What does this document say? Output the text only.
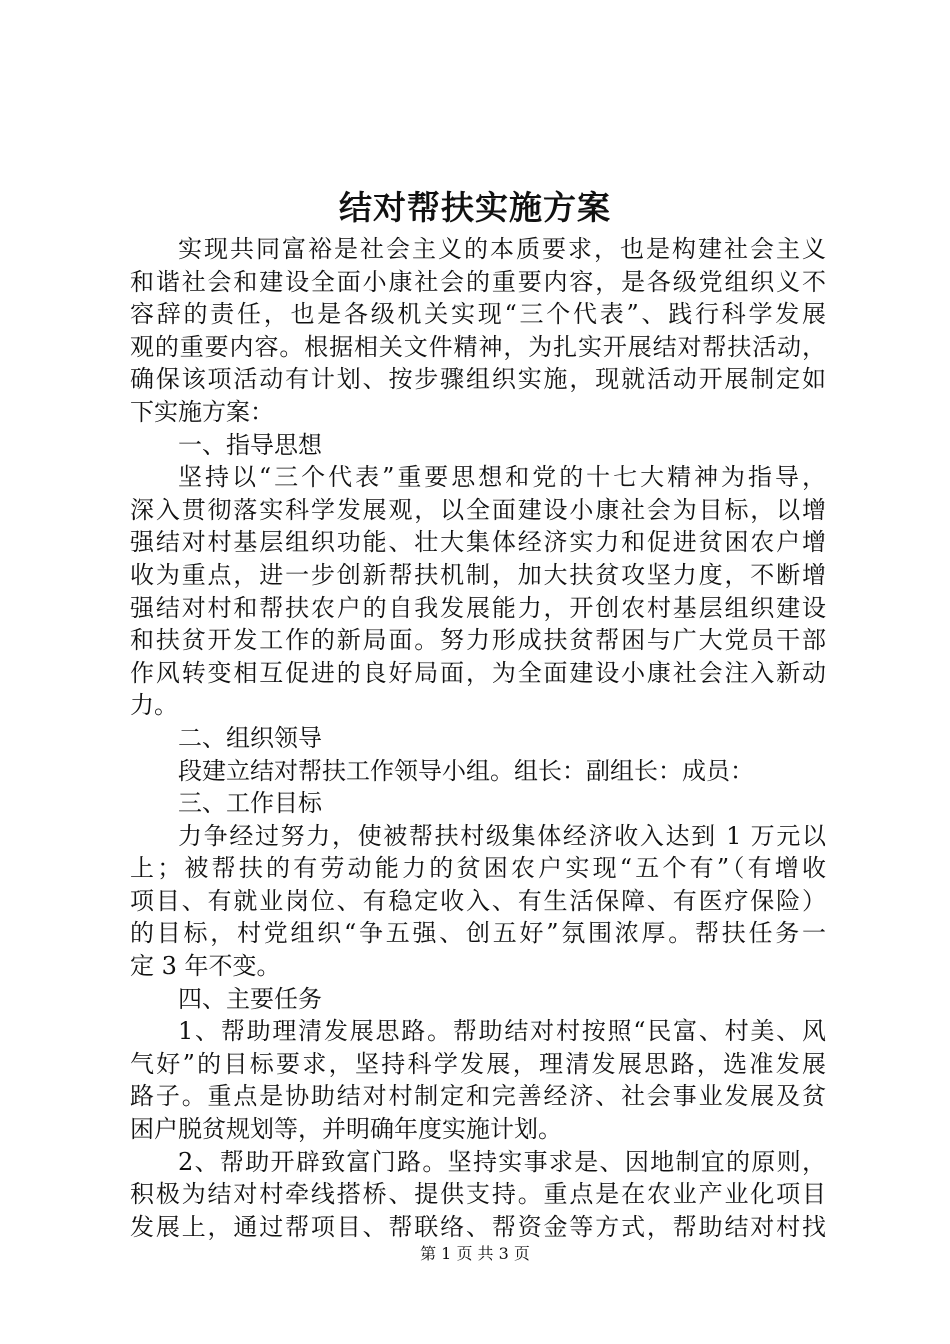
结对帮扶实施方案
实现共同富裕是社会主义的本质要求，也是构建社会主义
和谐社会和建设全面小康社会的重要内容，是各级党组织义不
容辞的责任，也是各级机关实现“三个代表”、践行科学发展
观的重要内容。根据相关文件精神，为扎实开展结对帮扶活动，
确保该项活动有计划、按步骤组织实施，现就活动开展制定如
下实施方案：
一、指导思想
坚持以“三个代表”重要思想和党的十七大精神为指导，
深入贯彻落实科学发展观，以全面建设小康社会为目标，以增
强结对村基层组织功能、壮大集体经济实力和促进贫困农户增
收为重点，进一步创新帮扶机制，加大扶贫攻坚力度，不断增
强结对村和帮扶农户的自我发展能力，开创农村基层组织建设
和扶贫开发工作的新局面。努力形成扶贫帮困与广大党员干部
作风转变相互促进的良好局面，为全面建设小康社会注入新动
力。
二、组织领导
段建立结对帮扶工作领导小组。组长：副组长：成员：
三、工作目标
力争经过努力，使被帮扶村级集体经济收入达到 1 万元以
上；被帮扶的有劳动能力的贫困农户实现“五个有”（有增收
项目、有就业岗位、有稳定收入、有生活保障、有医疗保险）
的目标，村党组织“争五强、创五好”氛围浓厚。帮扶任务一
定 3 年不变。
四、主要任务
1、帮助理清发展思路。帮助结对村按照“民富、村美、风
气好”的目标要求，坚持科学发展，理清发展思路，选准发展
路子。重点是协助结对村制定和完善经济、社会事业发展及贫
困户脱贫规划等，并明确年度实施计划。
2、帮助开辟致富门路。坚持实事求是、因地制宜的原则，
积极为结对村牵线搭桥、提供支持。重点是在农业产业化项目
发展上，通过帮项目、帮联络、帮资金等方式，帮助结对村找
第 1 页 共 3 页
